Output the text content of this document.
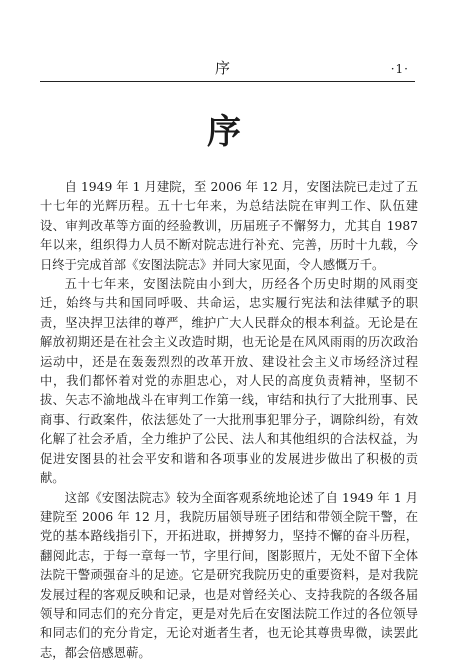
序	·1·
序

自 1949 年 1 月建院，至 2006 年 12 月，安图法院已走过了五十七年的光辉历程。五十七年来，为总结法院在审判工作、队伍建设、审判改革等方面的经验教训，历届班子不懈努力，尤其自 1987 年以来，组织得力人员不断对院志进行补充、完善，历时十九载，今日终于完成首部《安图法院志》并同大家见面，令人感慨万千。

五十七年来，安图法院由小到大，历经各个历史时期的风雨变迁，始终与共和国同呼吸、共命运，忠实履行宪法和法律赋予的职责，坚决捍卫法律的尊严，维护广大人民群众的根本利益。无论是在解放初期还是在社会主义改造时期，也无论是在风风雨雨的历次政治运动中，还是在轰轰烈烈的改革开放、建设社会主义市场经济过程中，我们都怀着对党的赤胆忠心，对人民的高度负责精神，坚韧不拔、矢志不渝地战斗在审判工作第一线，审结和执行了大批刑事、民商事、行政案件，依法惩处了一大批刑事犯罪分子，调除纠纷，有效化解了社会矛盾，全力维护了公民、法人和其他组织的合法权益，为促进安图县的社会平安和谐和各项事业的发展进步做出了积极的贡献。

这部《安图法院志》较为全面客观系统地论述了自 1949 年 1 月建院至 2006 年 12 月，我院历届领导班子团结和带领全院干警，在党的基本路线指引下，开拓进取，拼搏努力，坚持不懈的奋斗历程，翻阅此志，于每一章每一节，字里行间，图影照片，无处不留下全体法院干警顽强奋斗的足迹。它是研究我院历史的重要资料，是对我院发展过程的客观反映和记录，也是对曾经关心、支持我院的各级各届领导和同志们的充分肯定，更是对先后在安图法院工作过的各位领导和同志们的充分肯定，无论对逝者生者，也无论其尊贵卑微，读罢此志，都会倍感恩蕲。
